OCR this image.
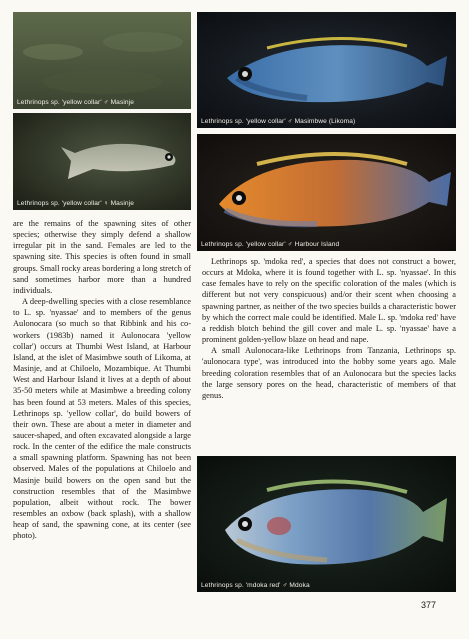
Lethrinops sp. 'yellow collar' ♂ Masinje
Lethrinops sp. 'yellow collar' ♀ Masinje
Lethrinops sp. 'yellow collar' ♂ Masimbwe (Likoma)
Lethrinops sp. 'yellow collar' ♂ Harbour Island
Lethrinops sp. 'mdoka red' ♂ Mdoka

are the remains of the spawning sites of other species; otherwise they simply defend a shallow irregular pit in the sand. Females are led to the spawning site. This species is often found in small groups. Small rocky areas bordering a long stretch of sand sometimes harbor more than a hundred individuals.

A deep-dwelling species with a close resemblance to L. sp. 'nyassae' and to members of the genus Aulonocara (so much so that Ribbink and his co-workers (1983b) named it Aulonocara 'yellow collar') occurs at Thumbi West Island, at Harbour Island, at the islet of Masimbwe south of Likoma, at Masinje, and at Chiloelo, Mozambique. At Thumbi West and Harbour Island it lives at a depth of about 35-50 meters while at Masimbwe a breeding colony has been found at 53 meters. Males of this species, Lethrinops sp. 'yellow collar', do build bowers of their own. These are about a meter in diameter and saucer-shaped, and often excavated alongside a large rock. In the center of the edifice the male constructs a small spawning platform. Spawning has not been observed. Males of the populations at Chiloelo and Masinje build bowers on the open sand but the construction resembles that of the Masimbwe population, albeit without rock. The bower resembles an oxbow (back splash), with a shallow heap of sand, the spawning cone, at its center (see photo).

Lethrinops sp. 'mdoka red', a species that does not construct a bower, occurs at Mdoka, where it is found together with L. sp. 'nyassae'. In this case females have to rely on the specific coloration of the males (which is different but not very conspicuous) and/or their scent when choosing a spawning partner, as neither of the two species builds a characteristic bower by which the correct male could be identified. Male L. sp. 'mdoka red' have a reddish blotch behind the gill cover and male L. sp. 'nyassae' have a prominent golden-yellow blaze on head and nape.

A small Aulonocara-like Lethrinops from Tanzania, Lethrinops sp. 'aulonocara type', was introduced into the hobby some years ago. Male breeding coloration resembles that of an Aulonocara but the species lacks the large sensory pores on the head, characteristic of members of that genus.

377
